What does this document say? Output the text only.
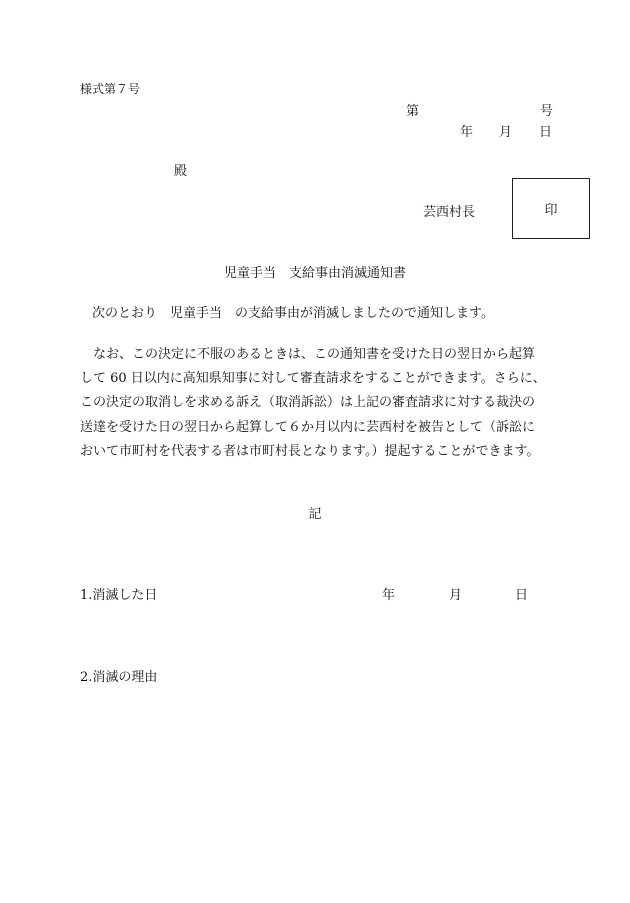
様式第７号
第	号
年 月 日
殿
芸西村長	印
児童手当　支給事由消滅通知書
次のとおり　児童手当　の支給事由が消滅しましたので通知します。

　なお、この決定に不服のあるときは、この通知書を受けた日の翌日から起算

して 60 日以内に高知県知事に対して審査請求をすることができます。さらに、

この決定の取消しを求める訴え（取消訴訟）は上記の審査請求に対する裁決の

送達を受けた日の翌日から起算して６か月以内に芸西村を被告として（訴訟に

おいて市町村を代表する者は市町村長となります。）提起することができます。

記
1.消滅した日	年	月	日
2.消滅の理由
